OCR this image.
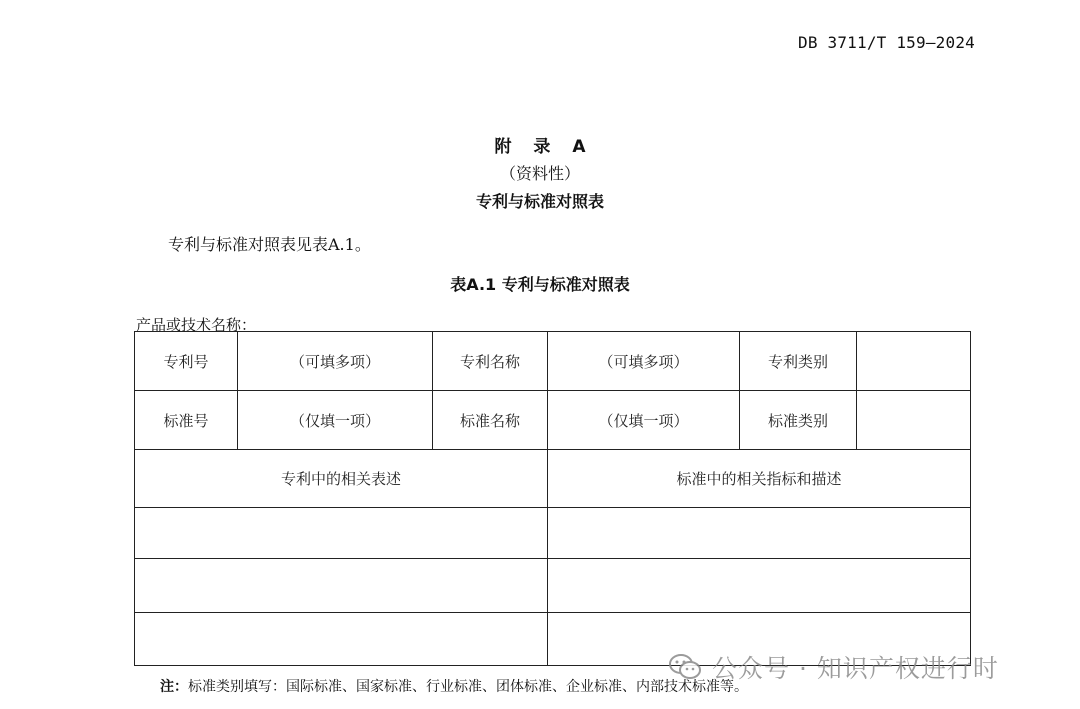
DB 3711/T 159—2024
附 录 A
（资料性）
专利与标准对照表
专利与标准对照表见表A.1。
表A.1 专利与标准对照表
产品或技术名称：
专利号	（可填多项）	专利名称	（可填多项）	专利类别	
标准号	（仅填一项）	标准名称	（仅填一项）	标准类别	
专利中的相关表述			标准中的相关指标和描述		

注：标准类别填写：国际标准、国家标准、行业标准、团体标准、企业标准、内部技术标准等。
公众号 · 知识产权进行时
